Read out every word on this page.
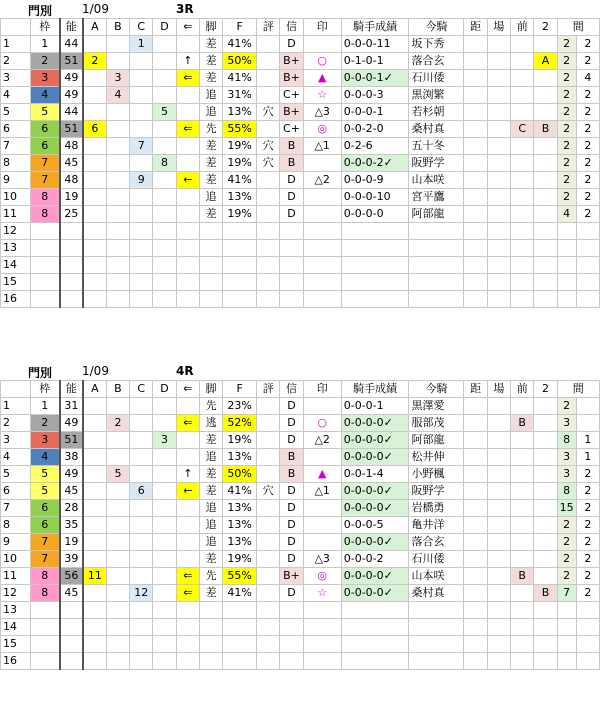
門別 1/09	3R
	枠	能	A	B	C	D	⇐	脚	F	評	信	印	騎手成績	今騎	距	場	前	2	間	
1	1	44			1			差	41%		D		0-0-0-11	坂下秀					2	2
2	2	51	2				↑	差	50%		B+	○	0-1-0-1	落合玄				A	2	2
3	3	49		3			⇐	差	41%		B+	▲	0-0-0-1✓	石川倭					2	4
4	4	49		4				追	31%		C+	☆	0-0-0-3	黒渕繁					2	2
5	5	44				5		追	13%	穴	B+	△3	0-0-0-1	若杉朝					2	2
6	6	51	6				⇐	先	55%		C+	◎	0-0-2-0	桑村真			C	B	2	2
7	6	48			7			差	19%	穴	B	△1	0-2-6	五十冬					2	2
8	7	45				8		差	19%	穴	B		0-0-0-2✓	阪野学					2	2
9	7	48			9		←	差	41%		D	△2	0-0-0-9	山本咲					2	2
10	8	19						追	13%		D		0-0-0-10	宮平鷹					2	2
11	8	25						差	19%		D		0-0-0-0	阿部龍					4	2
12																				
13																				
14																				
15																				
16																				
門別 1/09	4R
	枠	能	A	B	C	D	⇐	脚	F	評	信	印	騎手成績	今騎	距	場	前	2	間	
1	1	31						先	23%		D		0-0-0-1	黒澤愛					2	
2	2	49		2			⇐	逃	52%		D	○	0-0-0-0✓	服部茂			B		3	
3	3	51				3		差	19%		D	△2	0-0-0-0✓	阿部龍					8	1
4	4	38						追	13%		B		0-0-0-0✓	松井伸					3	1
5	5	49		5			↑	差	50%		B	▲	0-0-1-4	小野楓					3	2
6	5	45			6		←	差	41%	穴	D	△1	0-0-0-0✓	阪野学					8	2
7	6	28						追	13%		D		0-0-0-0✓	岩橋勇					15	2
8	6	35						追	13%		D		0-0-0-5	亀井洋					2	2
9	7	19						追	13%		D		0-0-0-0✓	落合玄					2	2
10	7	39						差	19%		D	△3	0-0-0-2	石川倭					2	2
11	8	56	11				⇐	先	55%		B+	◎	0-0-0-0✓	山本咲			B		2	2
12	8	45			12		⇐	差	41%		D	☆	0-0-0-0✓	桑村真				B	7	2
13																				
14																				
15																				
16																				
